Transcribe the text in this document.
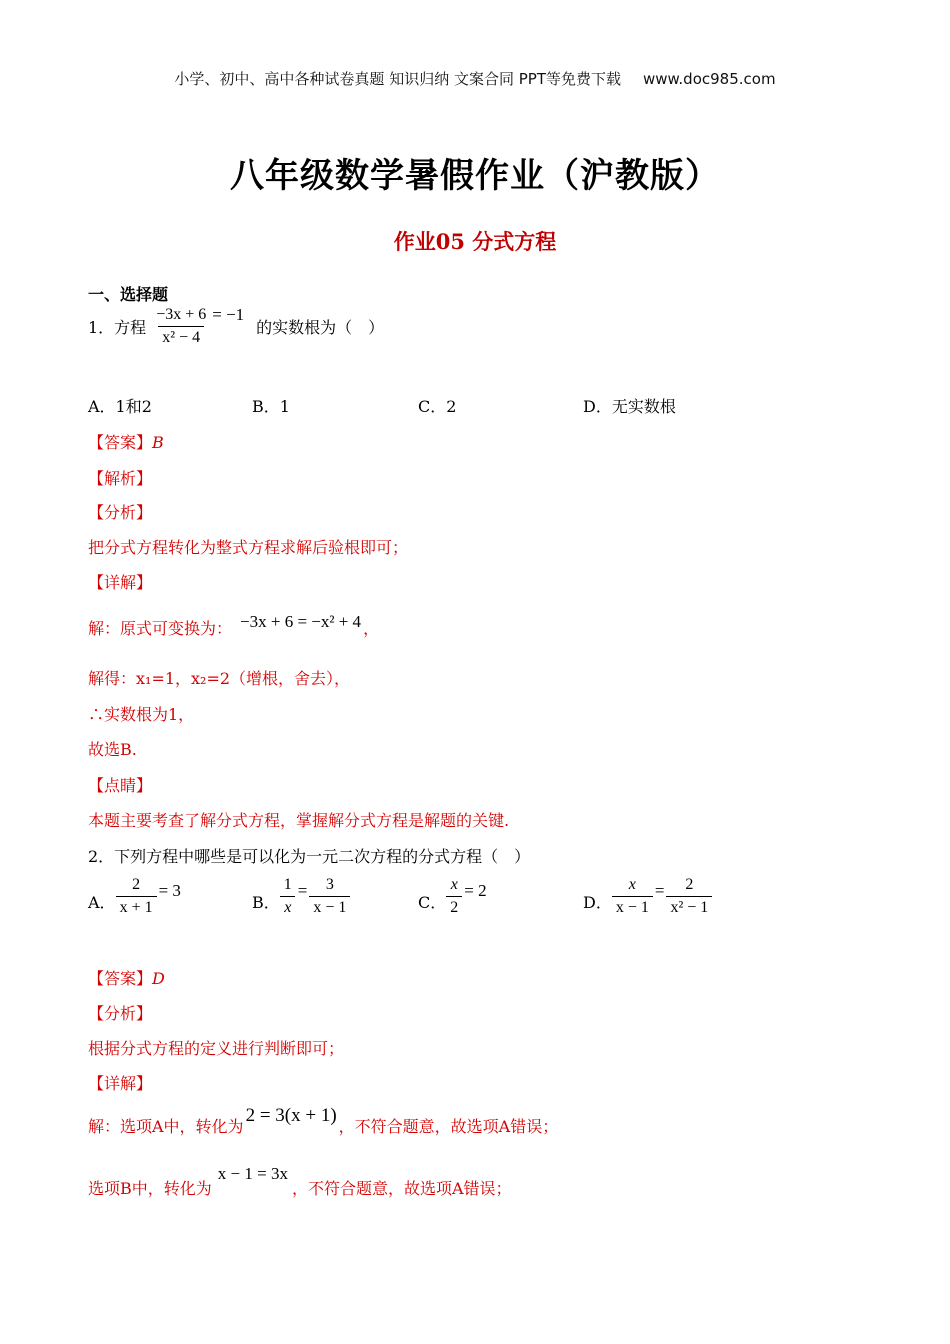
小学、初中、高中各种试卷真题 知识归纳 文案合同 PPT等免费下载 www.doc985.com
八年级数学暑假作业（沪教版）
作业05 分式方程
一、选择题
1．方程 $\frac{-3x + 6}{\text{x² − 4}} = -1$
的实数根为（　）
A．1和2	B．1	C．2	D．无实数根
【答案】B
【解析】
【分析】
把分式方程转化为整式方程求解后验根即可；
【详解】
解：原式可变换为： −3x + 6 = −x² + 4 ，
解得：x₁=1，x₂=2（增根，舍去），
∴实数根为1，
故选B.
【点睛】
本题主要考查了解分式方程，掌握解分式方程是解题的关键.
2．下列方程中哪些是可以化为一元二次方程的分式方程（　）
A． $\frac{2}{x + 1} = 3$
B． $\frac{1}{x} = \frac{3}{x - 1}$	C． $\frac{x}{2} = 2$
D． $\frac{x}{x - 1} = \frac{2}{\text{x² − 1}}$
【答案】D
【分析】
根据分式方程的定义进行判断即可；
【详解】
解：选项A中，转化为
2 = 3(x + 1)
，不符合题意，故选项A错误；
选项B中，转化为
x − 1 = 3x
，不符合题意，故选项A错误；
